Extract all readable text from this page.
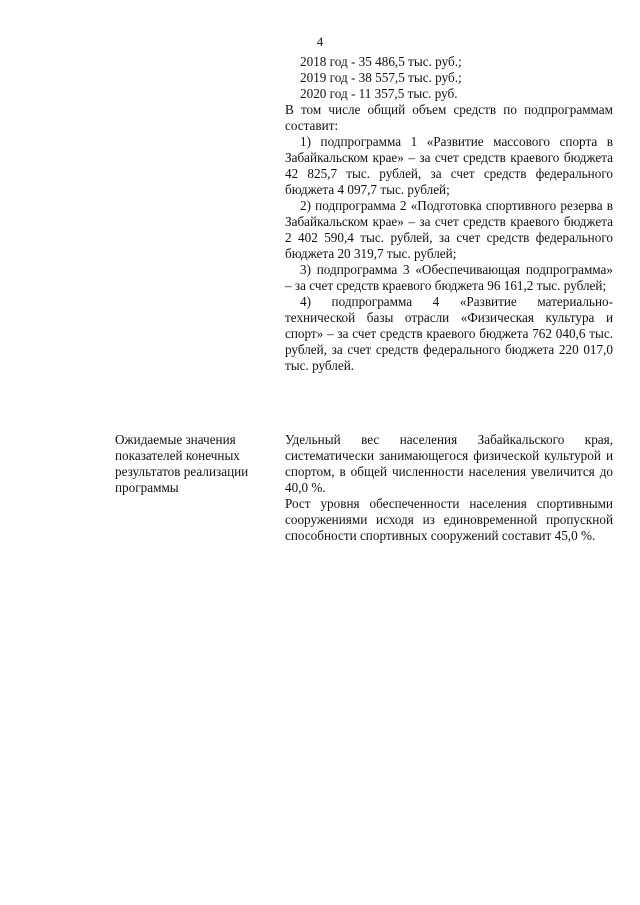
4

2018 год - 35 486,5 тыс. руб.;

2019 год - 38 557,5 тыс. руб.;

2020 год - 11 357,5 тыс. руб.

В том числе общий объем средств по подпрограммам

составит:

1) подпрограмма 1 «Развитие массового спорта в Забайкальском крае» – за счет средств краевого бюджета 42 825,7 тыс. рублей, за счет средств федерального бюджета 4 097,7 тыс. рублей;

2) подпрограмма 2 «Подготовка спортивного резерва в Забайкальском крае» – за счет средств краевого бюджета 2 402 590,4 тыс. рублей, за счет средств федерального бюджета 20 319,7 тыс. рублей;

3) подпрограмма 3 «Обеспечивающая подпрограмма» – за счет средств краевого бюджета 96 161,2 тыс. рублей;

4) подпрограмма 4 «Развитие материально-технической базы отрасли «Физическая культура и спорт» – за счет средств краевого бюджета 762 040,6 тыс. рублей, за счет средств федерального бюджета 220 017,0 тыс. рублей.

Ожидаемые значения
показателей конечных
результатов реализации
программы

Удельный вес населения Забайкальского края, систематически занимающегося физической культурой и спортом, в общей численности населения увеличится до 40,0 %.

Рост уровня обеспеченности населения спортивными сооружениями исходя из единовременной пропускной способности спортивных сооружений составит 45,0 %.
